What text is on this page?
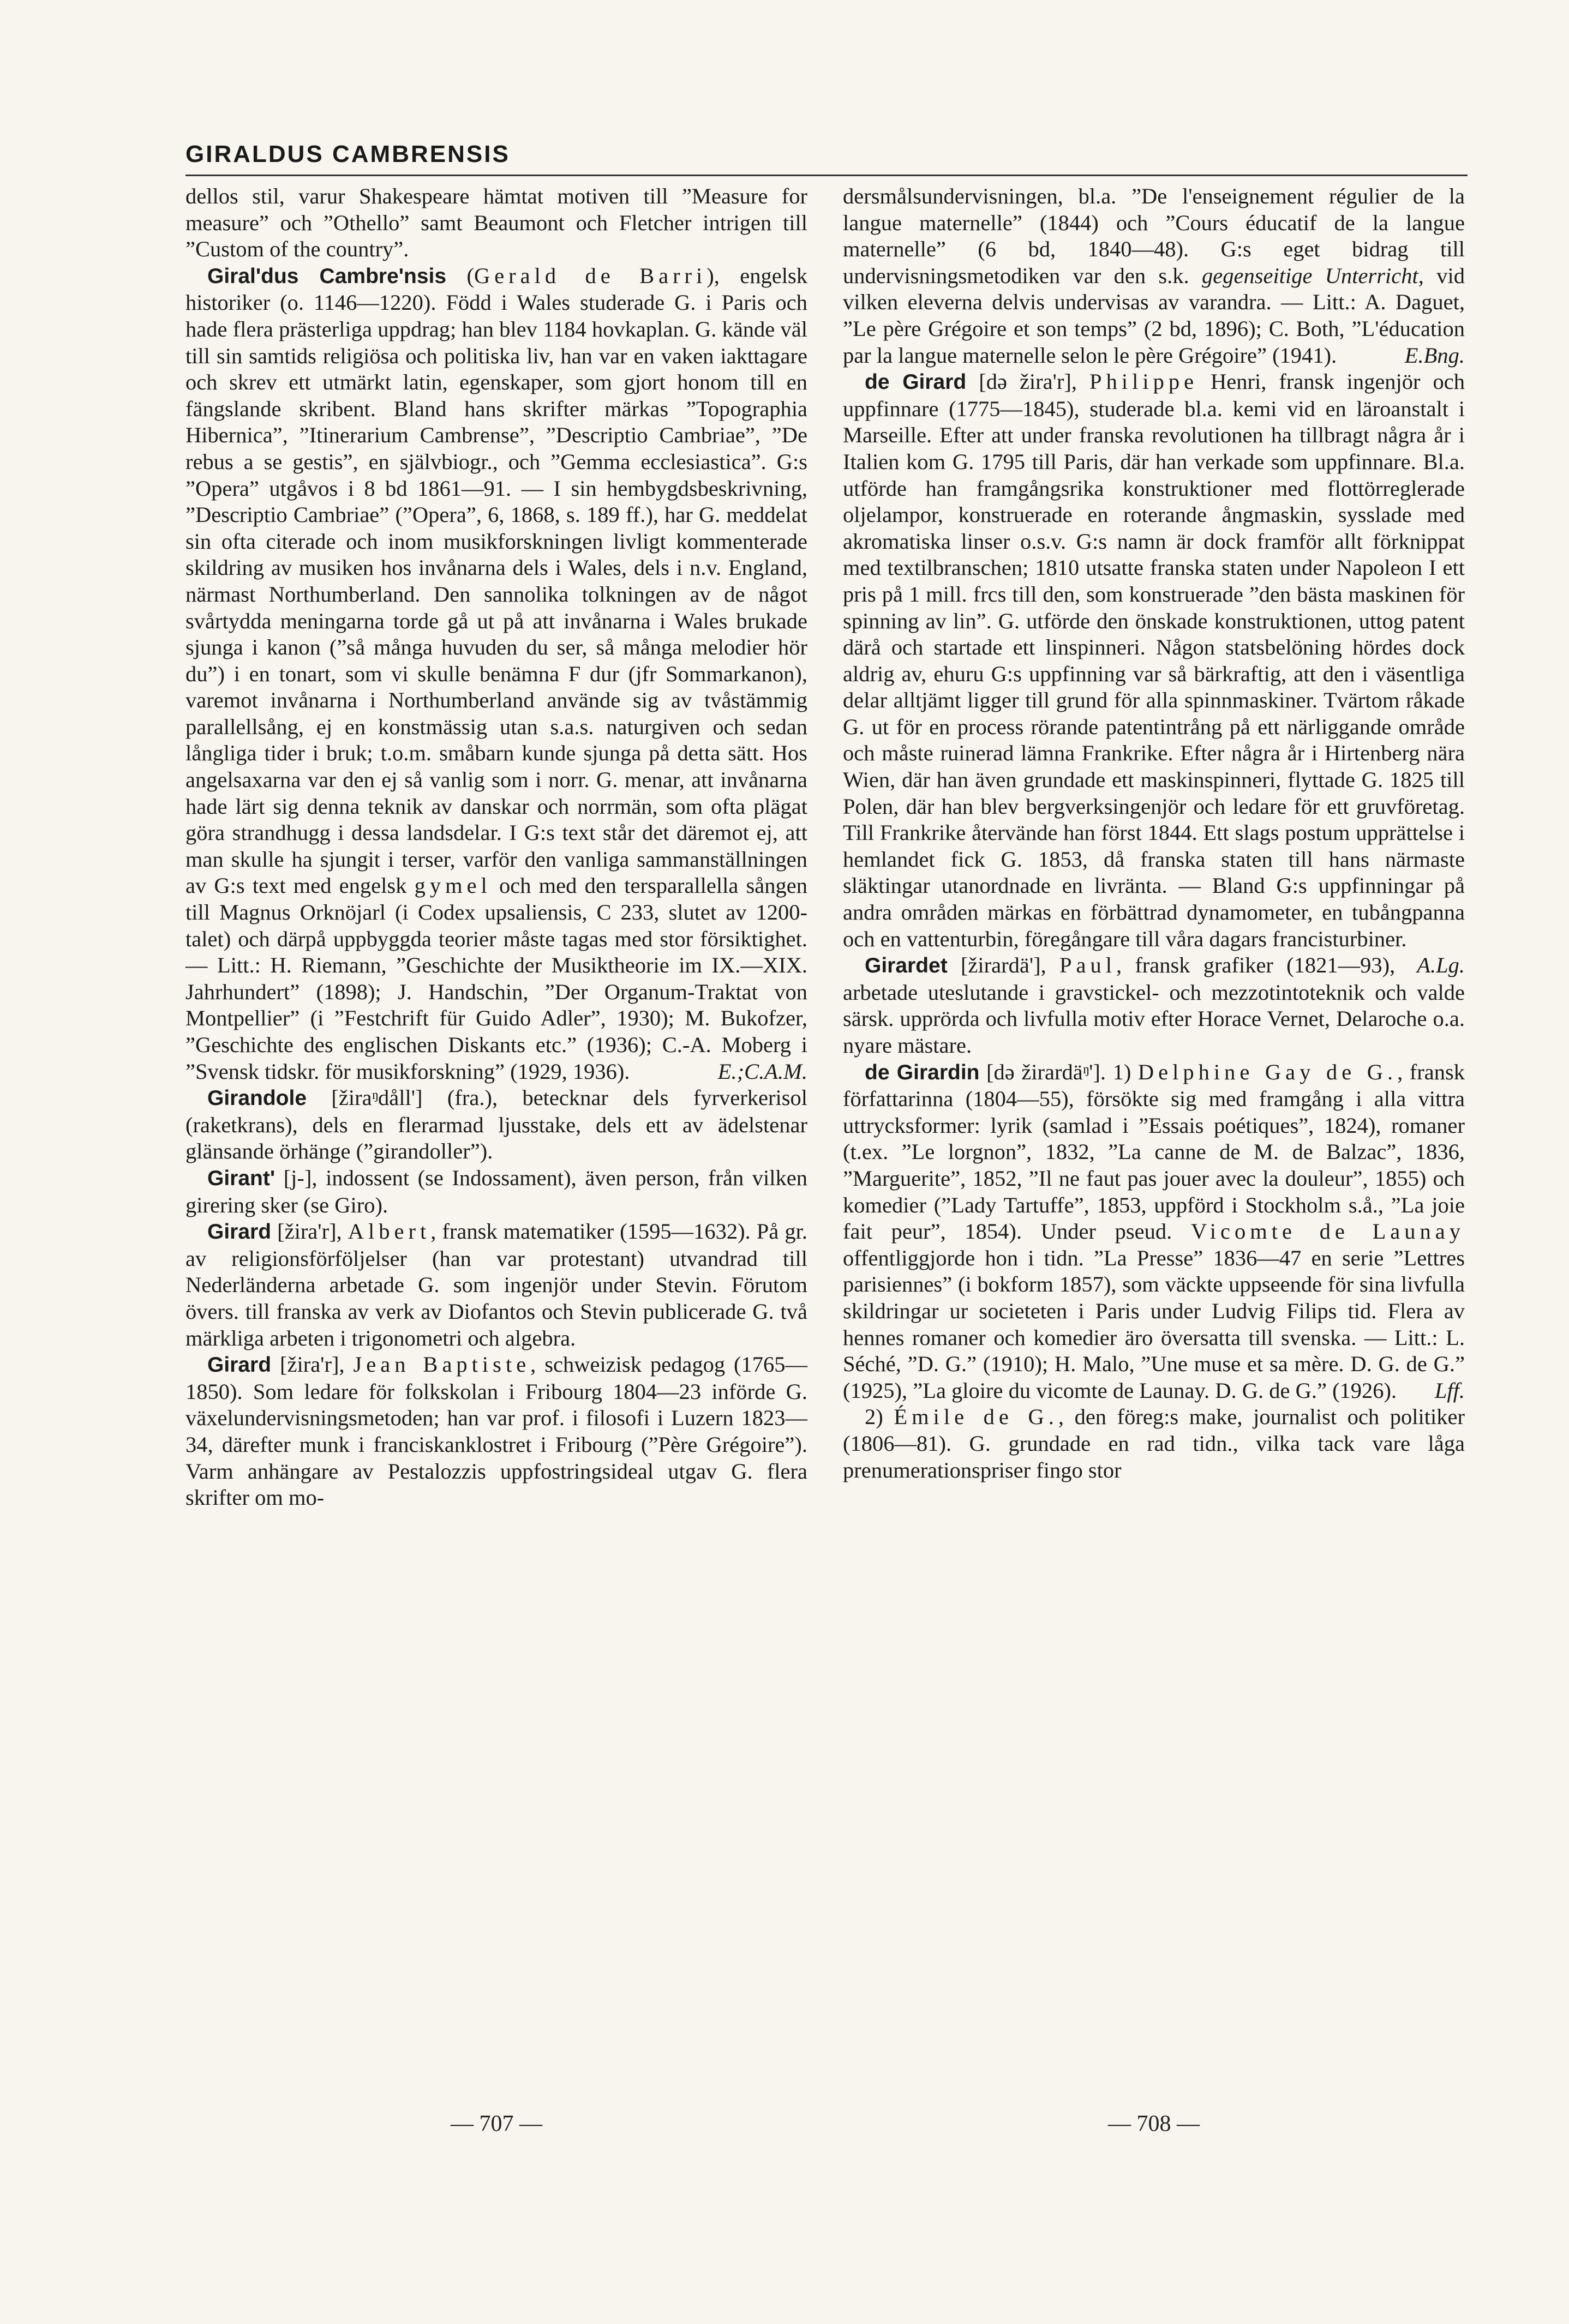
GIRALDUS CAMBRENSIS

dellos stil, varur Shakespeare hämtat motiven till ”Measure for measure” och ”Othello” samt Beaumont och Fletcher intrigen till ”Custom of the country”.

Giral'dus Cambre'nsis (Gerald de Barri), engelsk historiker (o. 1146—1220). Född i Wales studerade G. i Paris och hade flera prästerliga uppdrag; han blev 1184 hovkaplan. G. kände väl till sin samtids religiösa och politiska liv, han var en vaken iakttagare och skrev ett utmärkt latin, egenskaper, som gjort honom till en fängslande skribent. Bland hans skrifter märkas ”Topographia Hibernica”, ”Itinerarium Cambrense”, ”Descriptio Cambriae”, ”De rebus a se gestis”, en självbiogr., och ”Gemma ecclesiastica”. G:s ”Opera” utgåvos i 8 bd 1861—91. — I sin hembygdsbeskrivning, ”Descriptio Cambriae” (”Opera”, 6, 1868, s. 189 ff.), har G. meddelat sin ofta citerade och inom musikforskningen livligt kommenterade skildring av musiken hos invånarna dels i Wales, dels i n.v. England, närmast Northumberland. Den sannolika tolkningen av de något svårtydda meningarna torde gå ut på att invånarna i Wales brukade sjunga i kanon (”så många huvuden du ser, så många melodier hör du”) i en tonart, som vi skulle benämna F dur (jfr Sommarkanon), varemot invånarna i Northumberland använde sig av tvåstämmig parallellsång, ej en konstmässig utan s.a.s. naturgiven och sedan långliga tider i bruk; t.o.m. småbarn kunde sjunga på detta sätt. Hos angelsaxarna var den ej så vanlig som i norr. G. menar, att invånarna hade lärt sig denna teknik av danskar och norrmän, som ofta plägat göra strandhugg i dessa landsdelar. I G:s text står det däremot ej, att man skulle ha sjungit i terser, varför den vanliga sammanställningen av G:s text med engelsk gymel och med den tersparallella sången till Magnus Orknöjarl (i Codex upsaliensis, C 233, slutet av 1200-talet) och därpå uppbyggda teorier måste tagas med stor försiktighet. — Litt.: H. Riemann, ”Geschichte der Musiktheorie im IX.—XIX. Jahrhundert” (1898); J. Handschin, ”Der Organum-Traktat von Montpellier” (i ”Festchrift für Guido Adler”, 1930); M. Bukofzer, ”Geschichte des englischen Diskants etc.” (1936); C.-A. Moberg i ”Svensk tidskr. för musikforskning” (1929, 1936).	E.;C.A.M.

Girandole [žiraᵑdåll'] (fra.), betecknar dels fyrverkerisol (raketkrans), dels en flerarmad ljusstake, dels ett av ädelstenar glänsande örhänge (”girandoller”).

Girant' [j-], indossent (se Indossament), även person, från vilken girering sker (se Giro).

Girard [žira'r], Albert, fransk matematiker (1595—1632). På gr. av religionsförföljelser (han var protestant) utvandrad till Nederländerna arbetade G. som ingenjör under Stevin. Förutom övers. till franska av verk av Diofantos och Stevin publicerade G. två märkliga arbeten i trigonometri och algebra.

Girard [žira'r], Jean Baptiste, schweizisk pedagog (1765—1850). Som ledare för folkskolan i Fribourg 1804—23 införde G. växelundervisningsmetoden; han var prof. i filosofi i Luzern 1823—34, därefter munk i franciskanklostret i Fribourg (”Père Grégoire”). Varm anhängare av Pestalozzis uppfostringsideal utgav G. flera skrifter om mo-

dersmålsundervisningen, bl.a. ”De l'enseignement régulier de la langue maternelle” (1844) och ”Cours éducatif de la langue maternelle” (6 bd, 1840—48). G:s eget bidrag till undervisningsmetodiken var den s.k. gegenseitige Unterricht, vid vilken eleverna delvis undervisas av varandra. — Litt.: A. Daguet, ”Le père Grégoire et son temps” (2 bd, 1896); C. Both, ”L'éducation par la langue maternelle selon le père Grégoire” (1941).	E.Bng.

de Girard [də žira'r], Philippe Henri, fransk ingenjör och uppfinnare (1775—1845), studerade bl.a. kemi vid en läroanstalt i Marseille. Efter att under franska revolutionen ha tillbragt några år i Italien kom G. 1795 till Paris, där han verkade som uppfinnare. Bl.a. utförde han framgångsrika konstruktioner med flottörreglerade oljelampor, konstruerade en roterande ångmaskin, sysslade med akromatiska linser o.s.v. G:s namn är dock framför allt förknippat med textilbranschen; 1810 utsatte franska staten under Napoleon I ett pris på 1 mill. frcs till den, som konstruerade ”den bästa maskinen för spinning av lin”. G. utförde den önskade konstruktionen, uttog patent därå och startade ett linspinneri. Någon statsbelöning hördes dock aldrig av, ehuru G:s uppfinning var så bärkraftig, att den i väsentliga delar alltjämt ligger till grund för alla spinnmaskiner. Tvärtom råkade G. ut för en process rörande patentintrång på ett närliggande område och måste ruinerad lämna Frankrike. Efter några år i Hirtenberg nära Wien, där han även grundade ett maskinspinneri, flyttade G. 1825 till Polen, där han blev bergverksingenjör och ledare för ett gruvföretag. Till Frankrike återvände han först 1844. Ett slags postum upprättelse i hemlandet fick G. 1853, då franska staten till hans närmaste släktingar utanordnade en livränta. — Bland G:s uppfinningar på andra områden märkas en förbättrad dynamometer, en tubångpanna och en vattenturbin, föregångare till våra dagars francisturbiner.
A.Lg.

Girardet [žirardä'], Paul, fransk grafiker (1821—93), arbetade uteslutande i gravstickel- och mezzotintoteknik och valde särsk. upprörda och livfulla motiv efter Horace Vernet, Delaroche o.a. nyare mästare.

de Girardin [də žirardäᵑ']. 1) Delphine Gay de G., fransk författarinna (1804—55), försökte sig med framgång i alla vittra uttrycksformer: lyrik (samlad i ”Essais poétiques”, 1824), romaner (t.ex. ”Le lorgnon”, 1832, ”La canne de M. de Balzac”, 1836, ”Marguerite”, 1852, ”Il ne faut pas jouer avec la douleur”, 1855) och komedier (”Lady Tartuffe”, 1853, uppförd i Stockholm s.å., ”La joie fait peur”, 1854). Under pseud. Vicomte de Launay offentliggjorde hon i tidn. ”La Presse” 1836—47 en serie ”Lettres parisiennes” (i bokform 1857), som väckte uppseende för sina livfulla skildringar ur societeten i Paris under Ludvig Filips tid. Flera av hennes romaner och komedier äro översatta till svenska. — Litt.: L. Séché, ”D. G.” (1910); H. Malo, ”Une muse et sa mère. D. G. de G.” (1925), ”La gloire du vicomte de Launay. D. G. de G.” (1926).	Lff.

2) Émile de G., den föreg:s make, journalist och politiker (1806—81). G. grundade en rad tidn., vilka tack vare låga prenumerationspriser fingo stor

— 707 —	— 708 —
